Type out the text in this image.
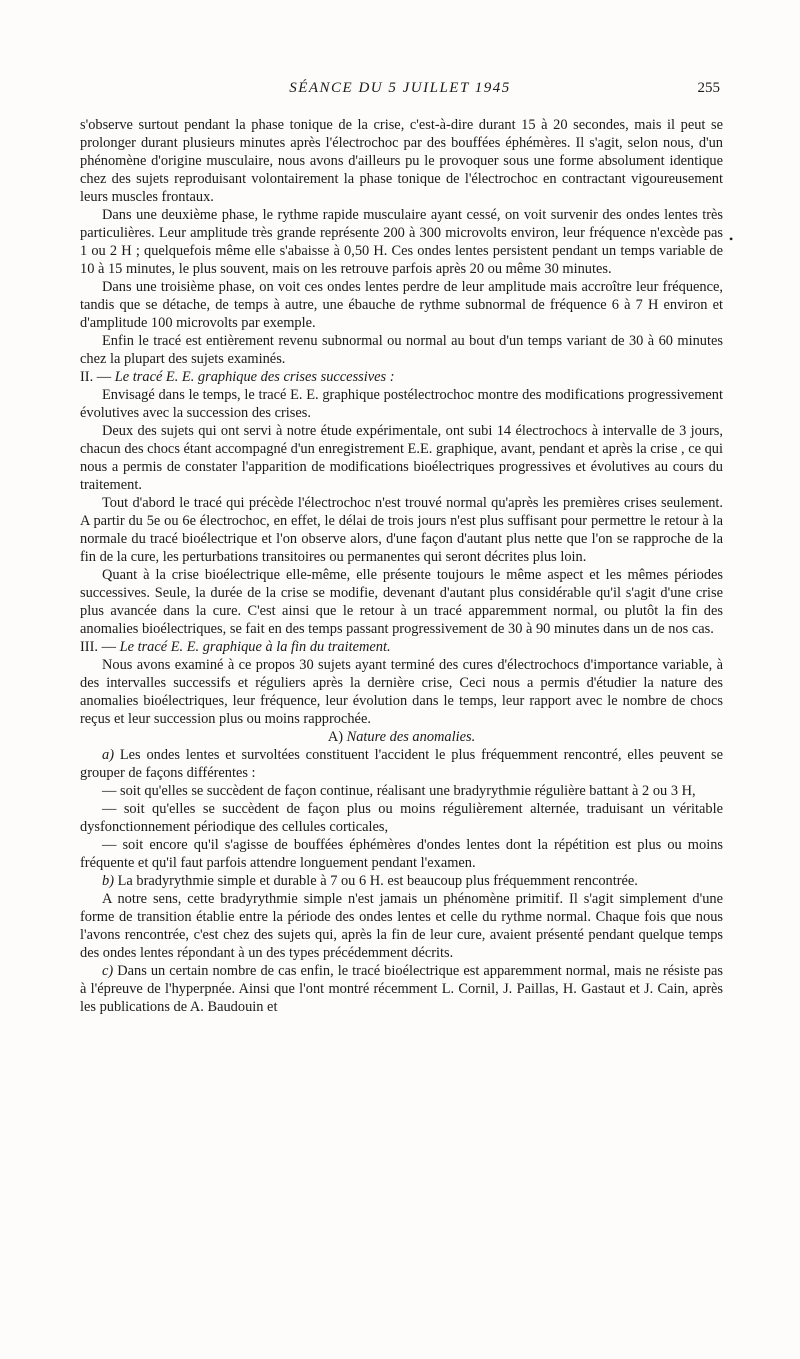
SÉANCE DU 5 JUILLET 1945	255
•

s'observe surtout pendant la phase tonique de la crise, c'est-à-dire durant 15 à 20 secondes, mais il peut se prolonger durant plusieurs minutes après l'électrochoc par des bouffées éphémères. Il s'agit, selon nous, d'un phénomène d'origine musculaire, nous avons d'ailleurs pu le provoquer sous une forme absolument identique chez des sujets reproduisant volontairement la phase tonique de l'électrochoc en contractant vigoureusement leurs muscles frontaux.

Dans une deuxième phase, le rythme rapide musculaire ayant cessé, on voit survenir des ondes lentes très particulières. Leur amplitude très grande représente 200 à 300 microvolts environ, leur fréquence n'excède pas 1 ou 2 H ; quelquefois même elle s'abaisse à 0,50 H. Ces ondes lentes persistent pendant un temps variable de 10 à 15 minutes, le plus souvent, mais on les retrouve parfois après 20 ou même 30 minutes.

Dans une troisième phase, on voit ces ondes lentes perdre de leur amplitude mais accroître leur fréquence, tandis que se détache, de temps à autre, une ébauche de rythme subnormal de fréquence 6 à 7 H environ et d'amplitude 100 microvolts par exemple.

Enfin le tracé est entièrement revenu subnormal ou normal au bout d'un temps variant de 30 à 60 minutes chez la plupart des sujets examinés.

II. — Le tracé E. E. graphique des crises successives :

Envisagé dans le temps, le tracé E. E. graphique postélectrochoc montre des modifications progressivement évolutives avec la succession des crises.

Deux des sujets qui ont servi à notre étude expérimentale, ont subi 14 électrochocs à intervalle de 3 jours, chacun des chocs étant accompagné d'un enregistrement E.E. graphique, avant, pendant et après la crise , ce qui nous a permis de constater l'apparition de modifications bioélectriques progressives et évolutives au cours du traitement.

Tout d'abord le tracé qui précède l'électrochoc n'est trouvé normal qu'après les premières crises seulement. A partir du 5e ou 6e électrochoc, en effet, le délai de trois jours n'est plus suffisant pour permettre le retour à la normale du tracé bioélectrique et l'on observe alors, d'une façon d'autant plus nette que l'on se rapproche de la fin de la cure, les perturbations transitoires ou permanentes qui seront décrites plus loin.

Quant à la crise bioélectrique elle-même, elle présente toujours le même aspect et les mêmes périodes successives. Seule, la durée de la crise se modifie, devenant d'autant plus considérable qu'il s'agit d'une crise plus avancée dans la cure. C'est ainsi que le retour à un tracé apparemment normal, ou plutôt la fin des anomalies bioélectriques, se fait en des temps passant progressivement de 30 à 90 minutes dans un de nos cas.

III. — Le tracé E. E. graphique à la fin du traitement.

Nous avons examiné à ce propos 30 sujets ayant terminé des cures d'électrochocs d'importance variable, à des intervalles successifs et réguliers après la dernière crise, Ceci nous a permis d'étudier la nature des anomalies bioélectriques, leur fréquence, leur évolution dans le temps, leur rapport avec le nombre de chocs reçus et leur succession plus ou moins rapprochée.

A) Nature des anomalies.

a) Les ondes lentes et survoltées constituent l'accident le plus fréquemment rencontré, elles peuvent se grouper de façons différentes :

— soit qu'elles se succèdent de façon continue, réalisant une bradyrythmie régulière battant à 2 ou 3 H,

— soit qu'elles se succèdent de façon plus ou moins régulièrement alternée, traduisant un véritable dysfonctionnement périodique des cellules corticales,

— soit encore qu'il s'agisse de bouffées éphémères d'ondes lentes dont la répétition est plus ou moins fréquente et qu'il faut parfois attendre longuement pendant l'examen.

b) La bradyrythmie simple et durable à 7 ou 6 H. est beaucoup plus fréquemment rencontrée.

A notre sens, cette bradyrythmie simple n'est jamais un phénomène primitif. Il s'agit simplement d'une forme de transition établie entre la période des ondes lentes et celle du rythme normal. Chaque fois que nous l'avons rencontrée, c'est chez des sujets qui, après la fin de leur cure, avaient présenté pendant quelque temps des ondes lentes répondant à un des types précédemment décrits.

c) Dans un certain nombre de cas enfin, le tracé bioélectrique est apparemment normal, mais ne résiste pas à l'épreuve de l'hyperpnée. Ainsi que l'ont montré récemment L. Cornil, J. Paillas, H. Gastaut et J. Cain, après les publications de A. Baudouin et
